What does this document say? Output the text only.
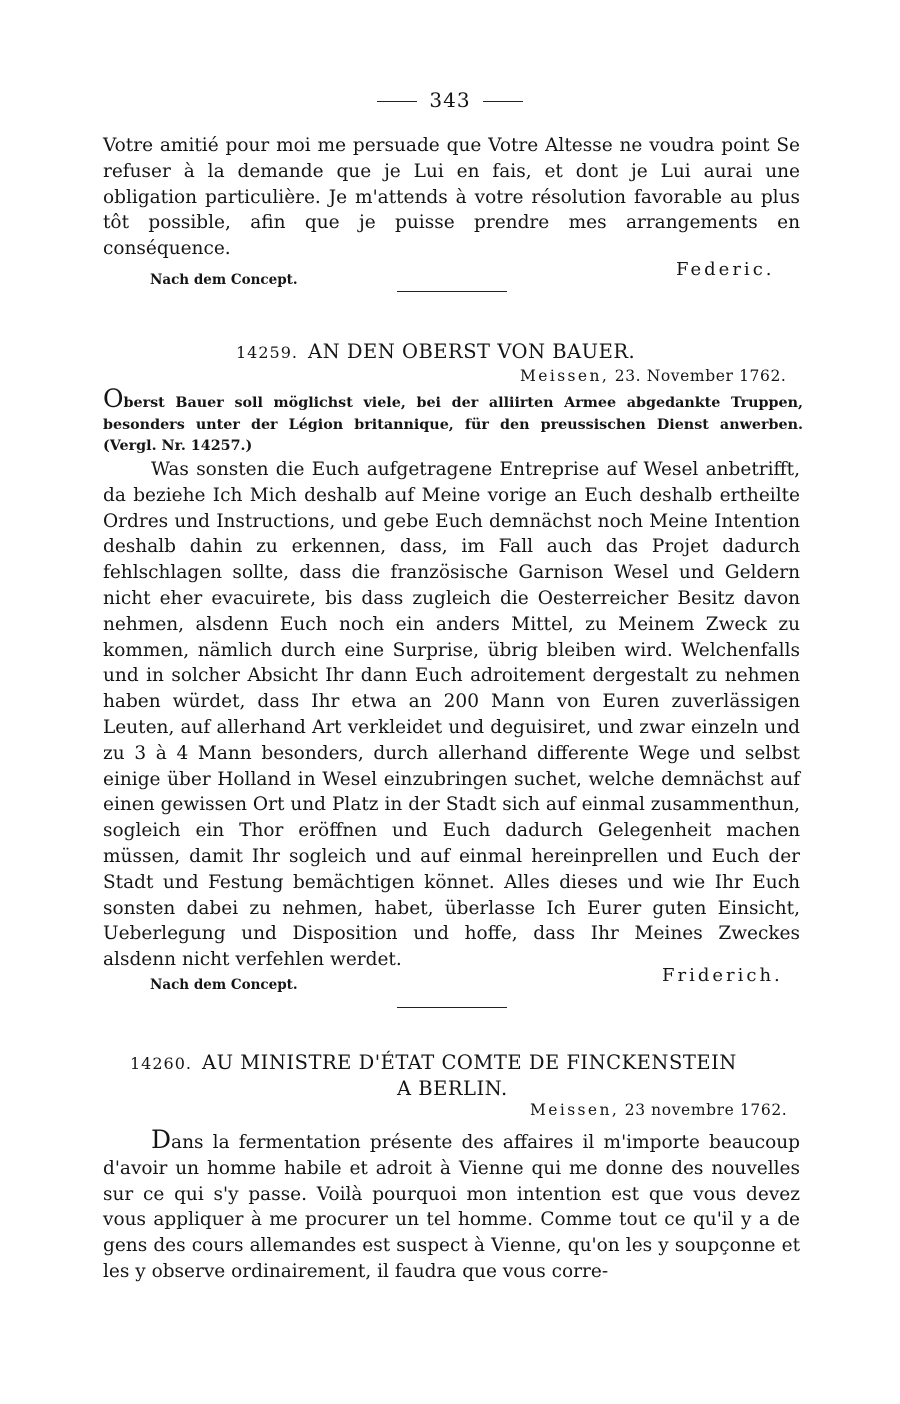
343
Votre amitié pour moi me persuade que Votre Altesse ne voudra point Se refuser à la demande que je Lui en fais, et dont je Lui aurai une obligation particulière. Je m'attends à votre résolution favorable au plus tôt possible, afin que je puisse prendre mes arrangements en conséquence.
Nach dem Concept.	Federic.
14259. AN DEN OBERST VON BAUER.
Meissen, 23. November 1762.
Oberst Bauer soll möglichst viele, bei der alliirten Armee abgedankte Truppen, besonders unter der Légion britannique, für den preussischen Dienst anwerben. (Vergl. Nr. 14257.)
Was sonsten die Euch aufgetragene Entreprise auf Wesel anbetrifft, da beziehe Ich Mich deshalb auf Meine vorige an Euch deshalb ertheilte Ordres und Instructions, und gebe Euch demnächst noch Meine Intention deshalb dahin zu erkennen, dass, im Fall auch das Projet dadurch fehlschlagen sollte, dass die französische Garnison Wesel und Geldern nicht eher evacuirete, bis dass zugleich die Oesterreicher Besitz davon nehmen, alsdenn Euch noch ein anders Mittel, zu Meinem Zweck zu kommen, nämlich durch eine Surprise, übrig bleiben wird. Welchenfalls und in solcher Absicht Ihr dann Euch adroitement dergestalt zu nehmen haben würdet, dass Ihr etwa an 200 Mann von Euren zuverlässigen Leuten, auf allerhand Art verkleidet und deguisiret, und zwar einzeln und zu 3 à 4 Mann besonders, durch allerhand differente Wege und selbst einige über Holland in Wesel einzubringen suchet, welche demnächst auf einen gewissen Ort und Platz in der Stadt sich auf einmal zusammenthun, sogleich ein Thor eröffnen und Euch dadurch Gelegenheit machen müssen, damit Ihr sogleich und auf einmal hereinprellen und Euch der Stadt und Festung bemächtigen könnet. Alles dieses und wie Ihr Euch sonsten dabei zu nehmen, habet, überlasse Ich Eurer guten Einsicht, Ueberlegung und Disposition und hoffe, dass Ihr Meines Zweckes alsdenn nicht verfehlen werdet.
Nach dem Concept.	Friderich.
14260. AU MINISTRE D'ÉTAT COMTE DE FINCKENSTEIN
A BERLIN.
Meissen, 23 novembre 1762.
Dans la fermentation présente des affaires il m'importe beaucoup d'avoir un homme habile et adroit à Vienne qui me donne des nouvelles sur ce qui s'y passe. Voilà pourquoi mon intention est que vous devez vous appliquer à me procurer un tel homme. Comme tout ce qu'il y a de gens des cours allemandes est suspect à Vienne, qu'on les y soupçonne et les y observe ordinairement, il faudra que vous corre-
